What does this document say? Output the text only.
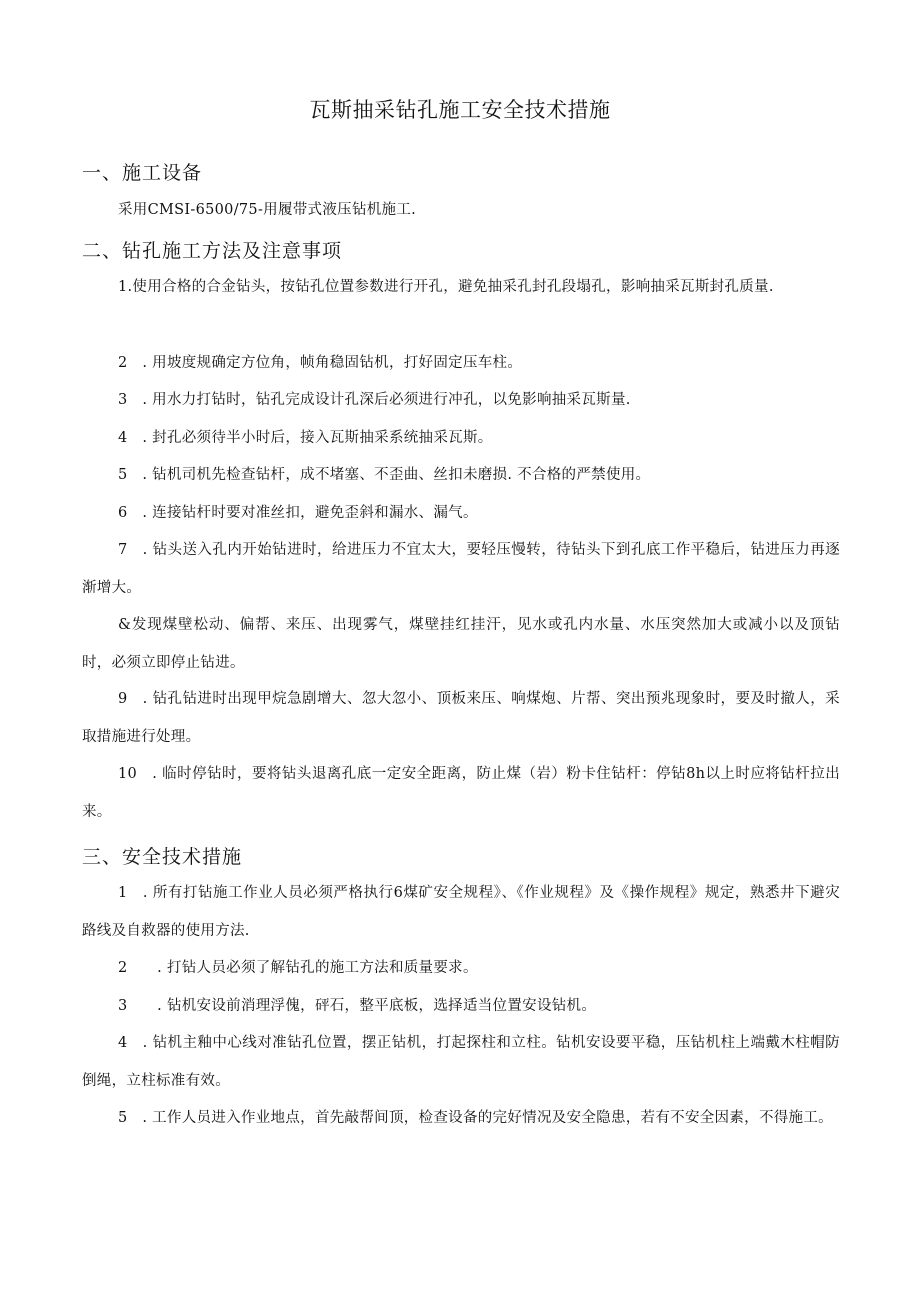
瓦斯抽采钻孔施工安全技术措施
一、施工设备
采用CMSI-6500/75-用履带式液压钻机施工.
二、钻孔施工方法及注意事项
1.使用合格的合金钻头，按钻孔位置参数进行开孔，避免抽采孔封孔段塌孔，影响抽采瓦斯封孔质量.
2　. 用坡度规确定方位角，帧角稳固钻机，打好固定压车柱。
3　. 用水力打钻时，钻孔完成设计孔深后必须进行冲孔，以免影响抽采瓦斯量.
4　. 封孔必须待半小时后，接入瓦斯抽采系统抽采瓦斯。
5　. 钻机司机先检查钻杆，成不堵塞、不歪曲、丝扣未磨损. 不合格的严禁使用。
6　. 连接钻杆时要对准丝扣，避免歪斜和漏水、漏气。
7　. 钻头送入孔内开始钻进时，给进压力不宜太大，要轻压慢转，待钻头下到孔底工作平稳后，钻进压力再逐渐增大。
&发现煤壁松动、偏帮、来压、出现雾气，煤壁挂红挂汗，见水或孔内水量、水压突然加大或减小以及顶钻时，必须立即停止钻进。
9　. 钻孔钻进时出现甲烷急剧增大、忽大忽小、顶板来压、响煤炮、片帮、突出预兆现象时，要及时撤人，采取措施进行处理。
10　. 临时停钻时，要将钻头退离孔底一定安全距离，防止煤（岩）粉卡住钻杆：停钻8h以上时应将钻杆拉出来。
三、安全技术措施
1　. 所有打钻施工作业人员必须严格执行6煤矿安全规程》、《作业规程》及《操作规程》规定，熟悉井下避灾路线及自救器的使用方法.
2　　. 打钻人员必须了解钻孔的施工方法和质量要求。
3　　. 钻机安设前消理浮傀，砰石，整平底板，选择适当位置安设钻机。
4　. 钻机主釉中心线对准钻孔位置，摆正钻机，打起探柱和立柱。钻机安设要平稳，压钻机柱上端戴木柱帽防倒绳，立柱标准有效。
5　. 工作人员进入作业地点，首先敲帮间顶，检查设备的完好情况及安全隐患，若有不安全因素，不得施工。
